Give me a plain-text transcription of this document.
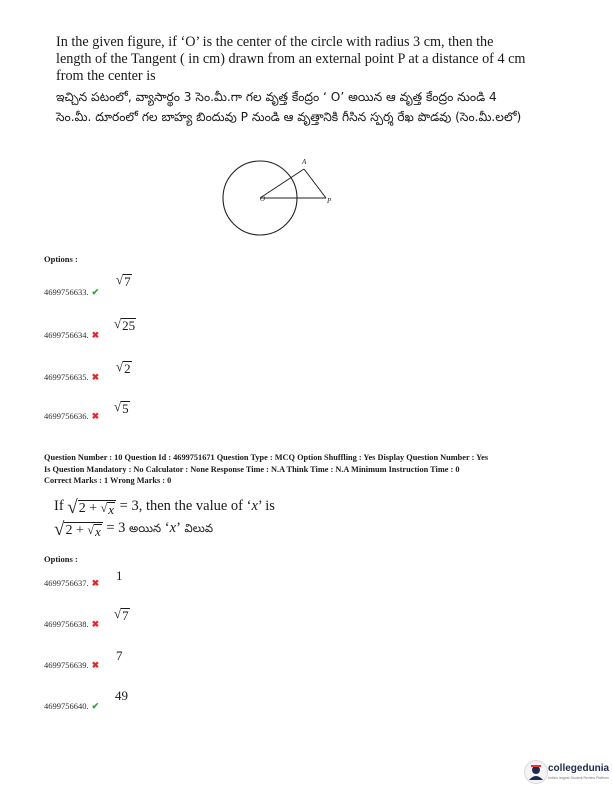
In the given figure, if ‘O’ is the center of the circle with radius 3 cm, then the length of the Tangent ( in cm) drawn from an external point P at a distance of 4 cm from the center is

ఇచ్చిన పటంలో, వ్యాసార్థం 3 సెం.మీ.గా గల వృత్త కేంద్రం ‘ O’ అయిన ఆ వృత్త కేంద్రం నుండి 4 సెం.మీ. దూరంలో గల బాహ్య బిందువు P నుండి ఆ వృత్తానికి గీసిన స్పర్శ రేఖ పొడవు (సెం.మీ.లలో)

O
A
P
Options :
4699756633. ✔
√ 7
4699756634. ✖
√ 25
4699756635. ✖
√ 2
4699756636. ✖
√ 5
Question Number : 10 Question Id : 4699751671 Question Type : MCQ Option Shuffling : Yes Display Question Number : Yes
Is Question Mandatory : No Calculator : None Response Time : N.A Think Time : N.A Minimum Instruction Time : 0
Correct Marks : 1 Wrong Marks : 0
If √ 2 + √ x = 3, then the value of ‘x’ is
√ 2 + √ x = 3 అయిన ‘x’ విలువ
Options :
4699756637. ✖ 1
4699756638. ✖
√ 7
4699756639. ✖
7
4699756640. ✔
49
collegedunia
India's largest Student Review Platform
